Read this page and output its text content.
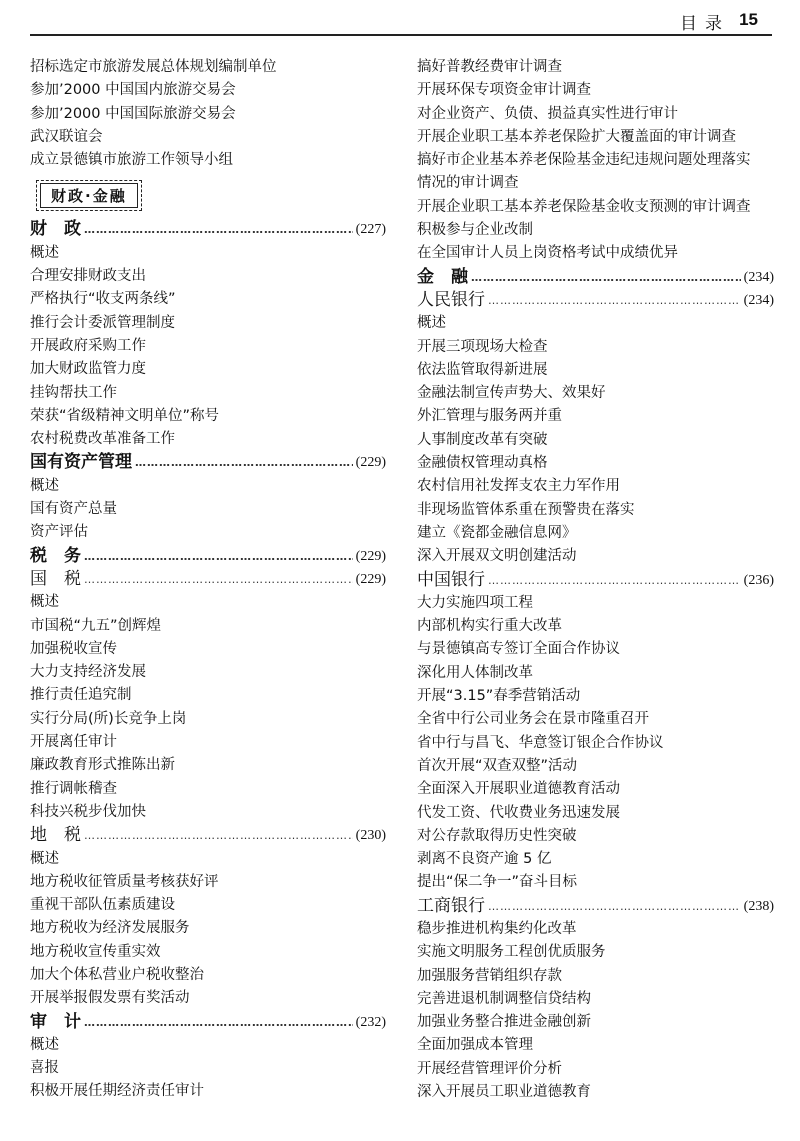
目录 15
招标选定市旅游发展总体规划编制单位
参加’2000 中国国内旅游交易会
参加’2000 中国国际旅游交易会
武汉联谊会
成立景德镇市旅游工作领导小组
财政·金融
财　政 …………………………………………………………………………………………………………………………………………………………	(227)
概述
合理安排财政支出
严格执行“收支两条线”
推行会计委派管理制度
开展政府采购工作
加大财政监管力度
挂钩帮扶工作
荣获“省级精神文明单位”称号
农村税费改革准备工作
国有资产管理 …………………………………………………………………………………………………………………………………………………………	(229)
概述
国有资产总量
资产评估
税　务 …………………………………………………………………………………………………………………………………………………………	(229)
国　税 …………………………………………………………………………………………………………………………………………………………	(229)
概述
市国税“九五”创辉煌
加强税收宣传
大力支持经济发展
推行责任追究制
实行分局(所)长竞争上岗
开展离任审计
廉政教育形式推陈出新
推行调帐稽查
科技兴税步伐加快
地　税 …………………………………………………………………………………………………………………………………………………………	(230)
概述
地方税收征管质量考核获好评
重视干部队伍素质建设
地方税收为经济发展服务
地方税收宣传重实效
加大个体私营业户税收整治
开展举报假发票有奖活动
审　计 …………………………………………………………………………………………………………………………………………………………	(232)
概述
喜报
积极开展任期经济责任审计
搞好普教经费审计调查
开展环保专项资金审计调查
对企业资产、负债、损益真实性进行审计
开展企业职工基本养老保险扩大覆盖面的审计调查
搞好市企业基本养老保险基金违纪违规问题处理落实
情况的审计调查
开展企业职工基本养老保险基金收支预测的审计调查
积极参与企业改制
在全国审计人员上岗资格考试中成绩优异
金　融 …………………………………………………………………………………………………………………………………………………………	(234)
人民银行 …………………………………………………………………………………………………………………………………………………………	(234)
概述
开展三项现场大检查
依法监管取得新进展
金融法制宣传声势大、效果好
外汇管理与服务两并重
人事制度改革有突破
金融债权管理动真格
农村信用社发挥支农主力军作用
非现场监管体系重在预警贵在落实
建立《瓷都金融信息网》
深入开展双文明创建活动
中国银行 …………………………………………………………………………………………………………………………………………………………	(236)
大力实施四项工程
内部机构实行重大改革
与景德镇高专签订全面合作协议
深化用人体制改革
开展“3.15”春季营销活动
全省中行公司业务会在景市隆重召开
省中行与昌飞、华意签订银企合作协议
首次开展“双查双整”活动
全面深入开展职业道德教育活动
代发工资、代收费业务迅速发展
对公存款取得历史性突破
剥离不良资产逾 5 亿
提出“保二争一”奋斗目标
工商银行 …………………………………………………………………………………………………………………………………………………………	(238)
稳步推进机构集约化改革
实施文明服务工程创优质服务
加强服务营销组织存款
完善进退机制调整信贷结构
加强业务整合推进金融创新
全面加强成本管理
开展经营管理评价分析
深入开展员工职业道德教育
